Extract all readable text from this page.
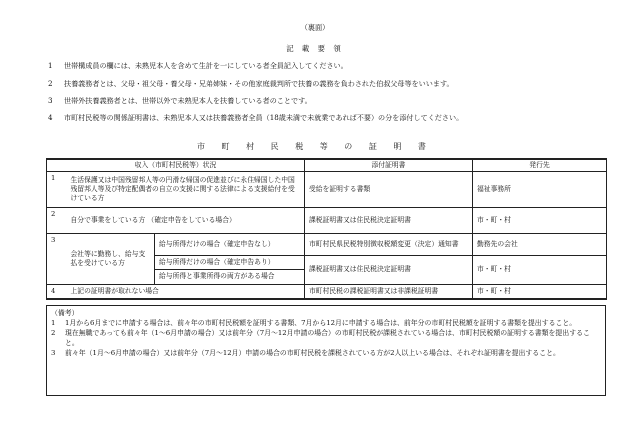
（裏面）
記 載 要 領
1 世帯構成員の欄には、未熟児本人を含めて生計を一にしている者全員記入してください。
2 扶養義務者とは、父母・祖父母・養父母・兄弟姉妹・その他家庭裁判所で扶養の義務を負わされた伯叔父母等をいいます。
3 世帯外扶養義務者とは、世帯以外で未熟児本人を扶養している者のことです。
4 市町村民税等の関係証明書は、未熟児本人又は扶養義務者全員（18歳未満で未就業であれば不要）の分を添付してください。
市 町 村 民 税 等 の 証 明 書
収入（市町村民税等）状況			添付証明書	発行先
1	生活保護又は中国残留邦人等の円滑な帰国の促進並びに永住帰国した中国残留邦人等及び特定配偶者の自立の支援に関する法律による支援給付を受けている方		受給を証明する書類	福祉事務所
2	自分で事業をしている方 （確定申告をしている場合）		課税証明書又は住民税決定証明書	市・町・村
3	会社等に勤務し、給与支払を受けている方	給与所得だけの場合（確定申告なし）	市町村民県民税特別徴収税額変更（決定）通知書	勤務先の会社
		給与所得だけの場合（確定申告あり）	課税証明書又は住民税決定証明書	市・町・村
		給与所得と事業所得の両方がある場合		
4	上記の証明書が取れない場合		市町村民税の課税証明書又は非課税証明書	市・町・村
（備考）
1	1月から6月までに申請する場合は、前々年の市町村民税額を証明する書類、7月から12月に申請する場合は、前年分の市町村民税額を証明する書類を提出すること。
2	現在無職であっても前々年（1～6月申請の場合）又は前年分（7月～12月申請の場合）の市町村民税が課税されている場合は、市町村民税額の証明する書類を提出すること。
3	前々年（1月～6月申請の場合）又は前年分（7月～12月）申請の場合の市町村民税を課税されている方が2人以上いる場合は、それぞれ証明書を提出すること。
